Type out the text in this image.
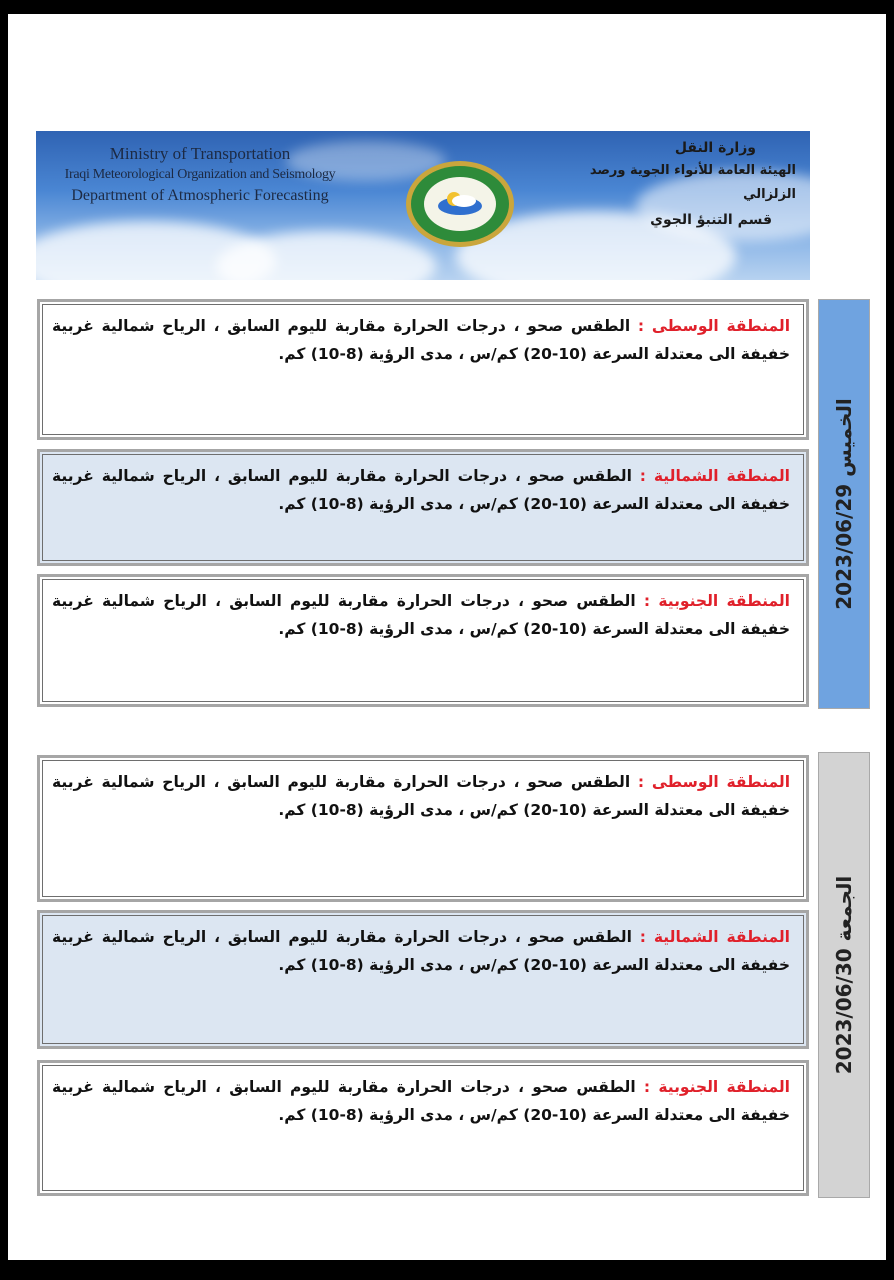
Ministry of Transportation
Iraqi Meteorological Organization and Seismology
Department of Atmospheric Forecasting
وزارة النقل
الهيئة العامة للأنواء الجوية ورصد الزلزالي
قسم التنبؤ الجوي
الخميس 2023/06/29
المنطقة الوسطى : الطقس صحو ، درجات الحرارة مقاربة لليوم السابق ، الرياح شمالية غربية خفيفة الى معتدلة السرعة (10-20) كم/س ، مدى الرؤية (8-10) كم.
المنطقة الشمالية : الطقس صحو ، درجات الحرارة مقاربة لليوم السابق ، الرياح شمالية غربية خفيفة الى معتدلة السرعة (10-20) كم/س ، مدى الرؤية (8-10) كم.
المنطقة الجنوبية : الطقس صحو ، درجات الحرارة مقاربة لليوم السابق ، الرياح شمالية غربية خفيفة الى معتدلة السرعة (10-20) كم/س ، مدى الرؤية (8-10) كم.
الجمعة 2023/06/30
المنطقة الوسطى : الطقس صحو ، درجات الحرارة مقاربة لليوم السابق ، الرياح شمالية غربية خفيفة الى معتدلة السرعة (10-20) كم/س ، مدى الرؤية (8-10) كم.
المنطقة الشمالية : الطقس صحو ، درجات الحرارة مقاربة لليوم السابق ، الرياح شمالية غربية خفيفة الى معتدلة السرعة (10-20) كم/س ، مدى الرؤية (8-10) كم.
المنطقة الجنوبية : الطقس صحو ، درجات الحرارة مقاربة لليوم السابق ، الرياح شمالية غربية خفيفة الى معتدلة السرعة (10-20) كم/س ، مدى الرؤية (8-10) كم.
www.almutalee.com
